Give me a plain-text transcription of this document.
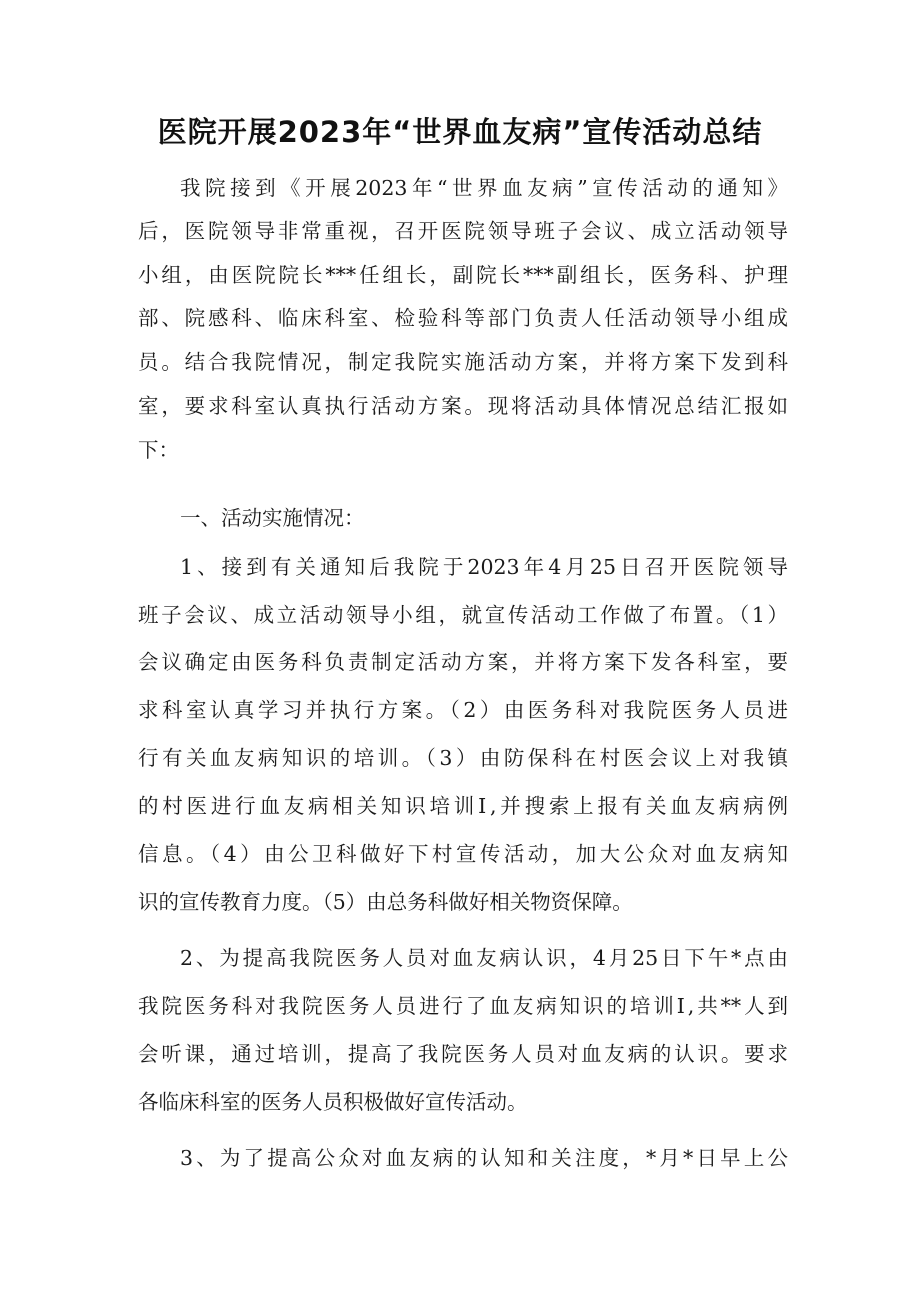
医院开展2023年“世界血友病”宣传活动总结
我院接到《开展2023年“世界血友病”宣传活动的通知》
后，医院领导非常重视，召开医院领导班子会议、成立活动领导
小组，由医院院长***任组长，副院长***副组长，医务科、护理
部、院感科、临床科室、检验科等部门负责人任活动领导小组成
员。结合我院情况，制定我院实施活动方案，并将方案下发到科
室，要求科室认真执行活动方案。现将活动具体情况总结汇报如
下：
一、活动实施情况：
1、接到有关通知后我院于2023年4月25日召开医院领导
班子会议、成立活动领导小组，就宣传活动工作做了布置。（1）
会议确定由医务科负责制定活动方案，并将方案下发各科室，要
求科室认真学习并执行方案。（2）由医务科对我院医务人员进
行有关血友病知识的培训。（3）由防保科在村医会议上对我镇
的村医进行血友病相关知识培训Ⅰ,并搜索上报有关血友病病例
信息。（4）由公卫科做好下村宣传活动，加大公众对血友病知
识的宣传教育力度。（5）由总务科做好相关物资保障。
2、为提高我院医务人员对血友病认识，4月25日下午*点由
我院医务科对我院医务人员进行了血友病知识的培训Ⅰ,共**人到
会听课，通过培训，提高了我院医务人员对血友病的认识。要求
各临床科室的医务人员积极做好宣传活动。
3、为了提高公众对血友病的认知和关注度，*月*日早上公
